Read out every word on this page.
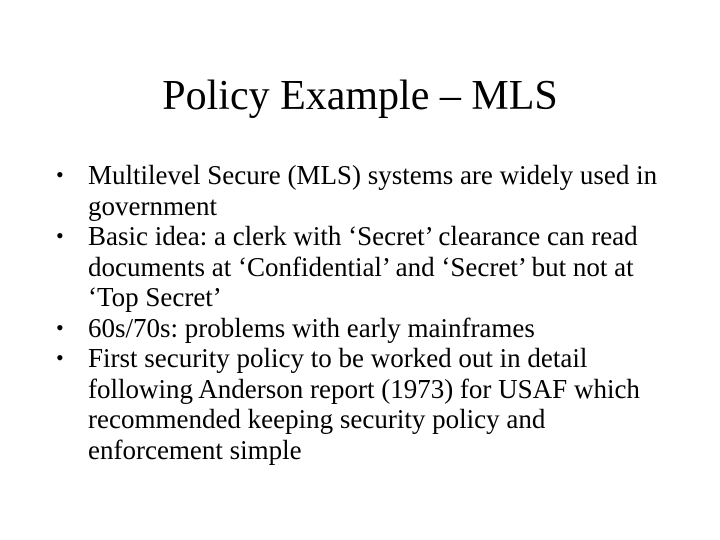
Policy Example – MLS
• Multilevel Secure (MLS) systems are widely used in government
• Basic idea: a clerk with ‘Secret’ clearance can read documents at ‘Confidential’ and ‘Secret’ but not at ‘Top Secret’
• 60s/70s: problems with early mainframes
• First security policy to be worked out in detail following Anderson report (1973) for USAF which recommended keeping security policy and enforcement simple
